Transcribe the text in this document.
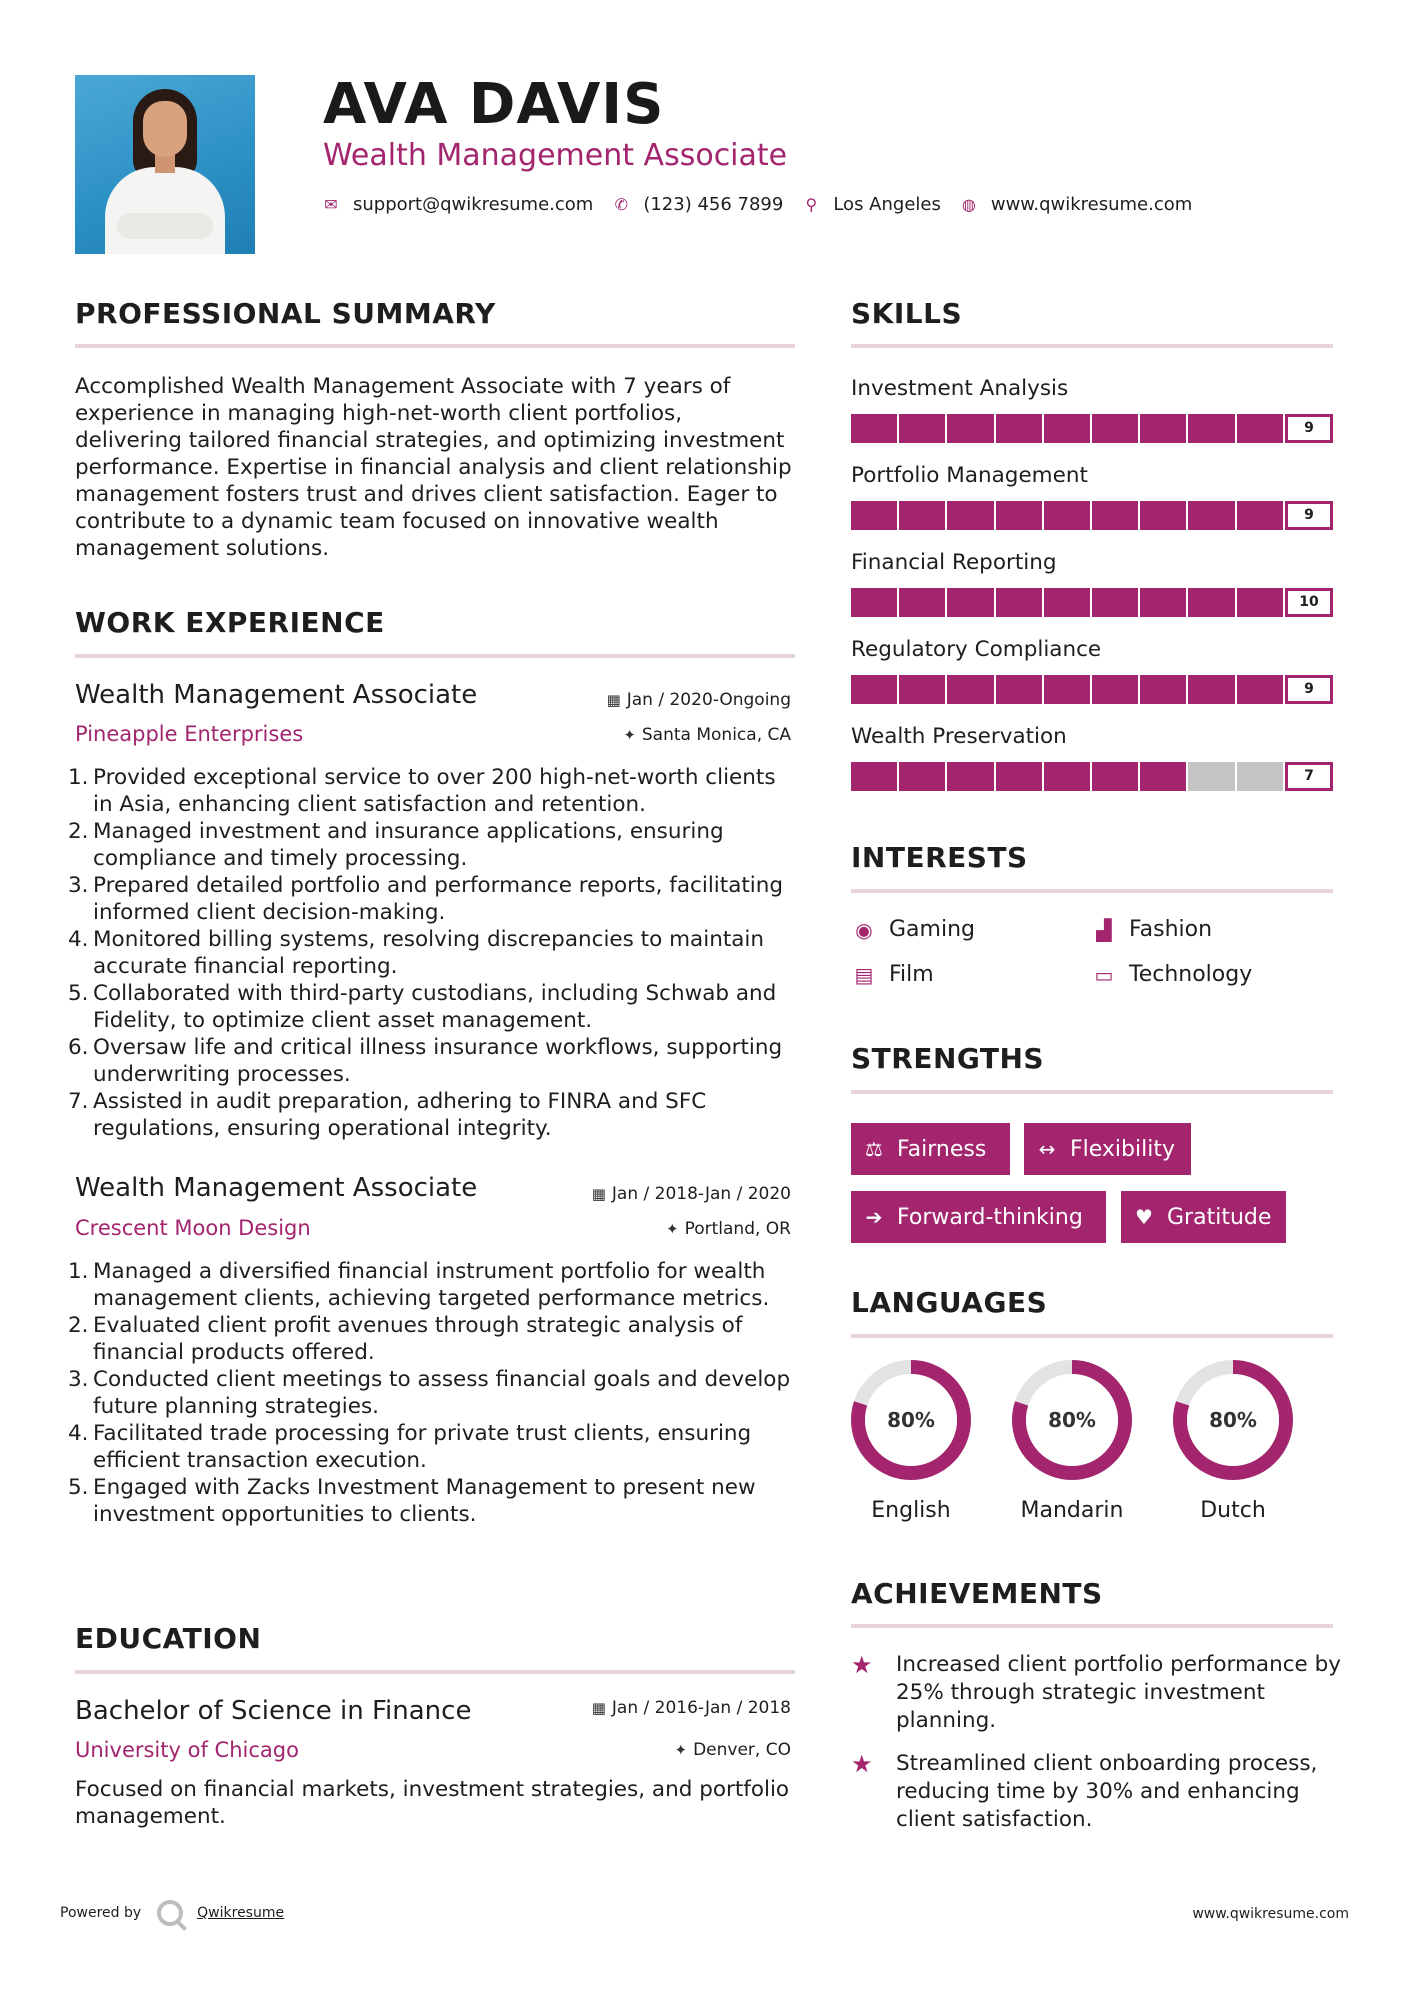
AVA DAVIS
Wealth Management Associate
✉ support@qwikresume.com ✆ (123) 456 7899 ⚲ Los Angeles ◍ www.qwikresume.com
PROFESSIONAL SUMMARY
Accomplished Wealth Management Associate with 7 years of experience in managing high-net-worth client portfolios, delivering tailored financial strategies, and optimizing investment performance. Expertise in financial analysis and client relationship management fosters trust and drives client satisfaction. Eager to contribute to a dynamic team focused on innovative wealth management solutions.
WORK EXPERIENCE
Wealth Management Associate	▦ Jan / 2020-Ongoing
Pineapple Enterprises	✦ Santa Monica, CA
1. Provided exceptional service to over 200 high-net-worth clients in Asia, enhancing client satisfaction and retention.
2. Managed investment and insurance applications, ensuring compliance and timely processing.
3. Prepared detailed portfolio and performance reports, facilitating informed client decision-making.
4. Monitored billing systems, resolving discrepancies to maintain accurate financial reporting.
5. Collaborated with third-party custodians, including Schwab and Fidelity, to optimize client asset management.
6. Oversaw life and critical illness insurance workflows, supporting underwriting processes.
7. Assisted in audit preparation, adhering to FINRA and SFC regulations, ensuring operational integrity.
Wealth Management Associate	▦ Jan / 2018-Jan / 2020
Crescent Moon Design	✦ Portland, OR
1. Managed a diversified financial instrument portfolio for wealth management clients, achieving targeted performance metrics.
2. Evaluated client profit avenues through strategic analysis of financial products offered.
3. Conducted client meetings to assess financial goals and develop future planning strategies.
4. Facilitated trade processing for private trust clients, ensuring efficient transaction execution.
5. Engaged with Zacks Investment Management to present new investment opportunities to clients.
EDUCATION
Bachelor of Science in Finance	▦ Jan / 2016-Jan / 2018
University of Chicago	✦ Denver, CO
Focused on financial markets, investment strategies, and portfolio management.
SKILLS
Investment Analysis
9
Portfolio Management
9
Financial Reporting
10
Regulatory Compliance
9
Wealth Preservation
7
INTERESTS
◉ Gaming	▟ Fashion
▤ Film	▭ Technology
STRENGTHS
⚖ Fairness	↔ Flexibility
➔ Forward-thinking	♥ Gratitude
LANGUAGES
80%
English
80%
Mandarin
80%
Dutch
ACHIEVEMENTS
★	Increased client portfolio performance by 25% through strategic investment planning.
★	Streamlined client onboarding process, reducing time by 30% and enhancing client satisfaction.
Powered by	Qwikresume	www.qwikresume.com
